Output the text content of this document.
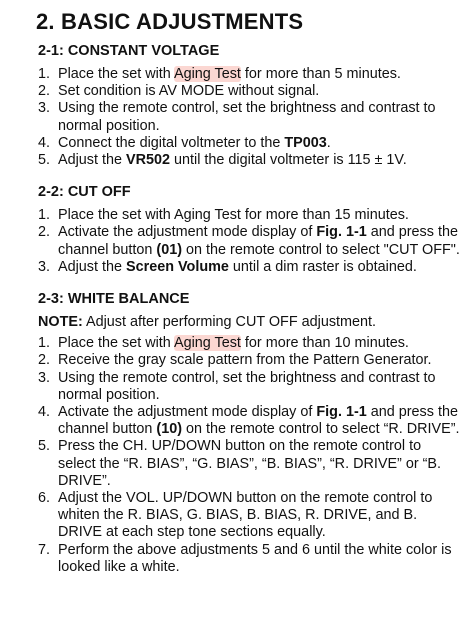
2. BASIC ADJUSTMENTS

2-1: CONSTANT VOLTAGE

1. Place the set with Aging Test for more than 5 minutes.
2. Set condition is AV MODE without signal.
3. Using the remote control, set the brightness and contrast to normal position.
4. Connect the digital voltmeter to the TP003.
5. Adjust the VR502 until the digital voltmeter is 115 ± 1V.

2-2: CUT OFF

1. Place the set with Aging Test for more than 15 minutes.
2. Activate the adjustment mode display of Fig. 1-1 and press the channel button (01) on the remote control to select "CUT OFF".
3. Adjust the Screen Volume until a dim raster is obtained.

2-3: WHITE BALANCE

NOTE: Adjust after performing CUT OFF adjustment.

1. Place the set with Aging Test for more than 10 minutes.
2. Receive the gray scale pattern from the Pattern Generator.
3. Using the remote control, set the brightness and contrast to normal position.
4. Activate the adjustment mode display of Fig. 1-1 and press the channel button (10) on the remote control to select “R. DRIVE”.
5. Press the CH. UP/DOWN button on the remote control to select the “R. BIAS”, “G. BIAS”, “B. BIAS”, “R. DRIVE” or “B. DRIVE”.
6. Adjust the VOL. UP/DOWN button on the remote control to whiten the R. BIAS, G. BIAS, B. BIAS, R. DRIVE, and B. DRIVE at each step tone sections equally.
7. Perform the above adjustments 5 and 6 until the white color is looked like a white.
